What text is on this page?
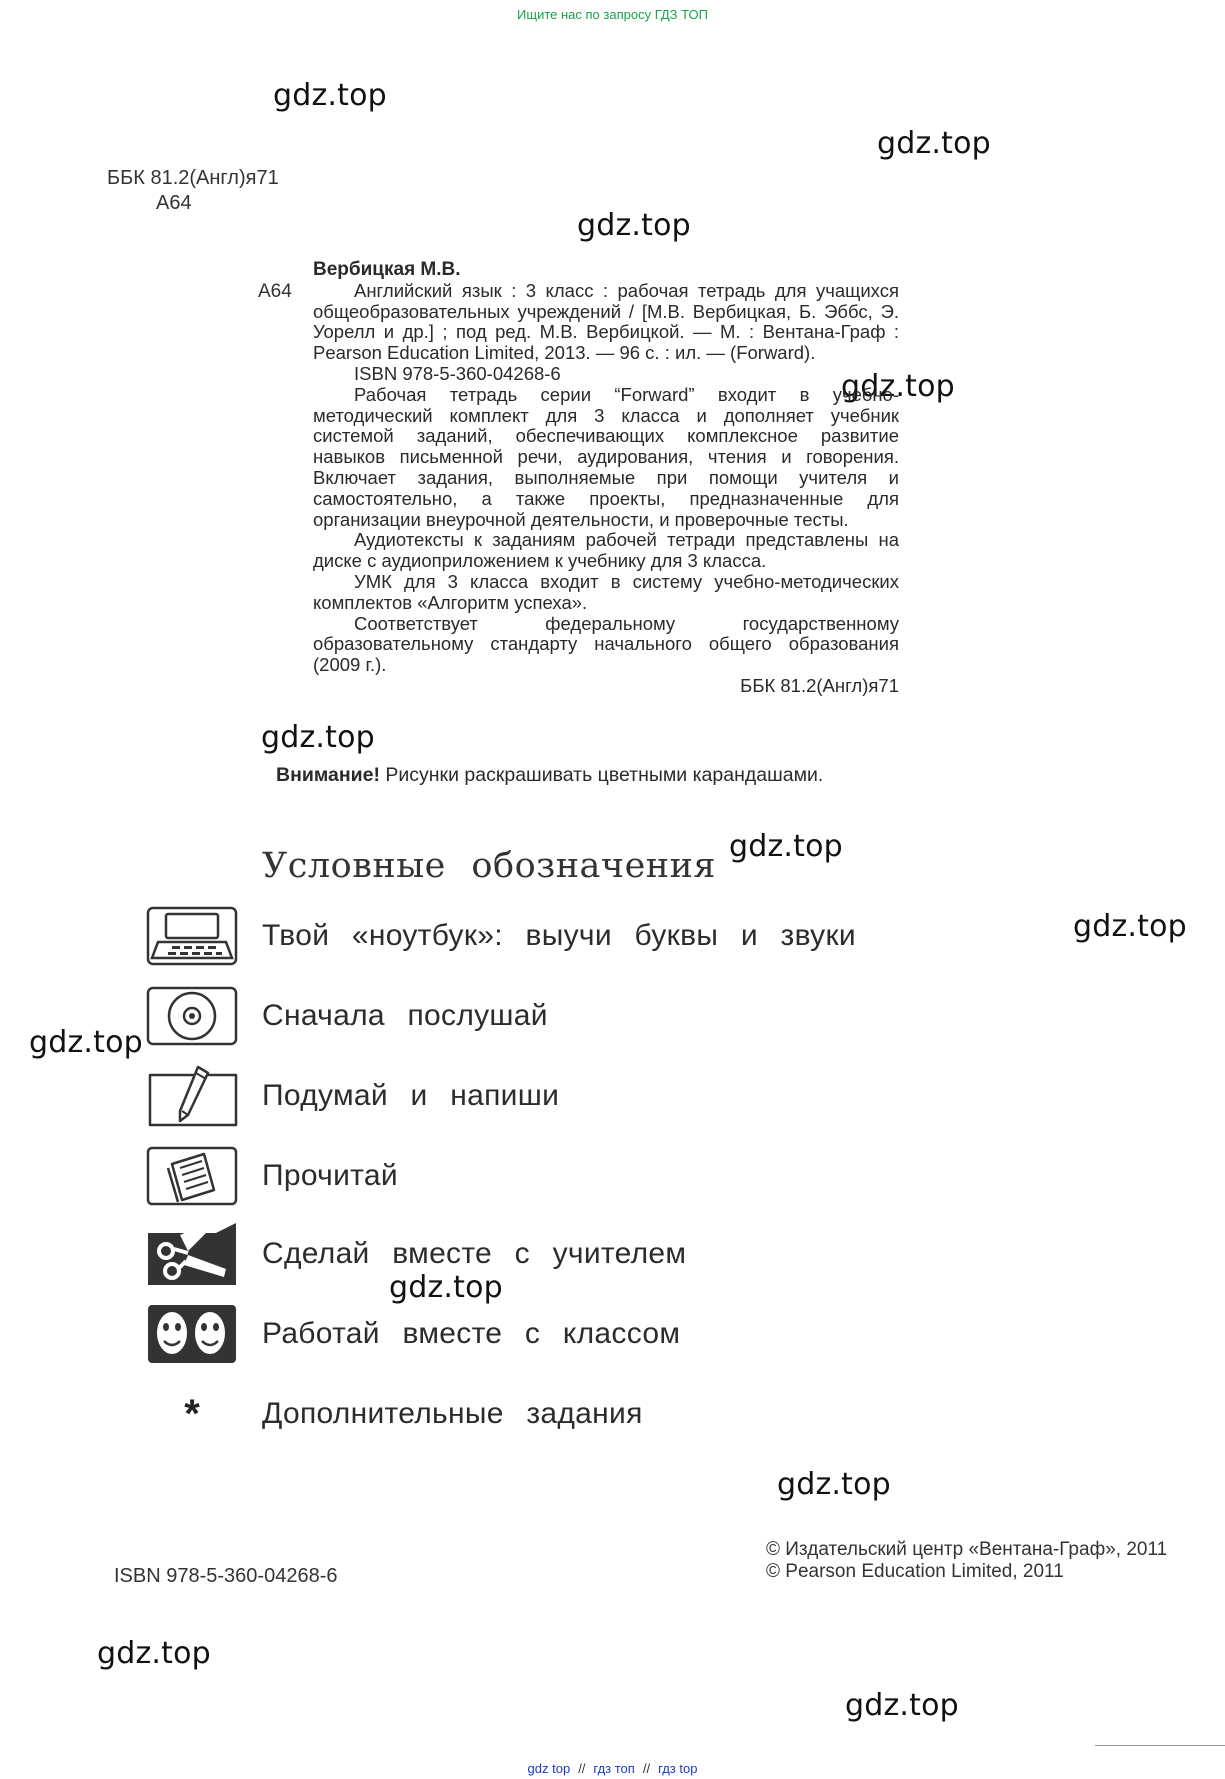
Ищите нас по запросу ГДЗ ТОП
gdz.top
gdz.top
gdz.top
gdz.top
gdz.top
gdz.top
gdz.top
gdz.top
gdz.top
gdz.top
gdz.top
gdz.top
ББК 81.2(Англ)я71
А64
А64

Вербицкая М.В.

Английский язык : 3 класс : рабочая тетрадь для учащихся общеобразовательных учреждений / [М.В. Вербицкая, Б. Эббс, Э. Уорелл и др.] ; под ред. М.В. Вербицкой. — М. : Вентана-Граф : Pearson Education Limited, 2013. — 96 с. : ил. — (Forward).

ISBN 978-5-360-04268-6

Рабочая тетрадь серии “Forward” входит в учебно-методический комплект для 3 класса и дополняет учебник системой заданий, обеспечивающих комплексное развитие навыков письменной речи, аудирования, чтения и говорения. Включает задания, выполняемые при помощи учителя и самостоятельно, а также проекты, предназначенные для организации внеурочной деятельности, и проверочные тесты.

Аудиотексты к заданиям рабочей тетради представлены на диске с аудиоприложением к учебнику для 3 класса.

УМК для 3 класса входит в систему учебно-методических комплектов «Алгоритм успеха».

Соответствует федеральному государственному образовательному стандарту начального общего образования (2009 г.).

ББК 81.2(Англ)я71

Внимание! Рисунки раскрашивать цветными карандашами.
Условные обозначения
Твой «ноутбук»: выучи буквы и звуки
Сначала послушай
Подумай и напиши
Прочитай
Сделай вместе с учителем
Работай вместе с классом
* Дополнительные задания
ISBN 978-5-360-04268-6
© Издательский центр «Вентана-Граф», 2011
© Pearson Education Limited, 2011
gdz top // гдз топ // гдз top
